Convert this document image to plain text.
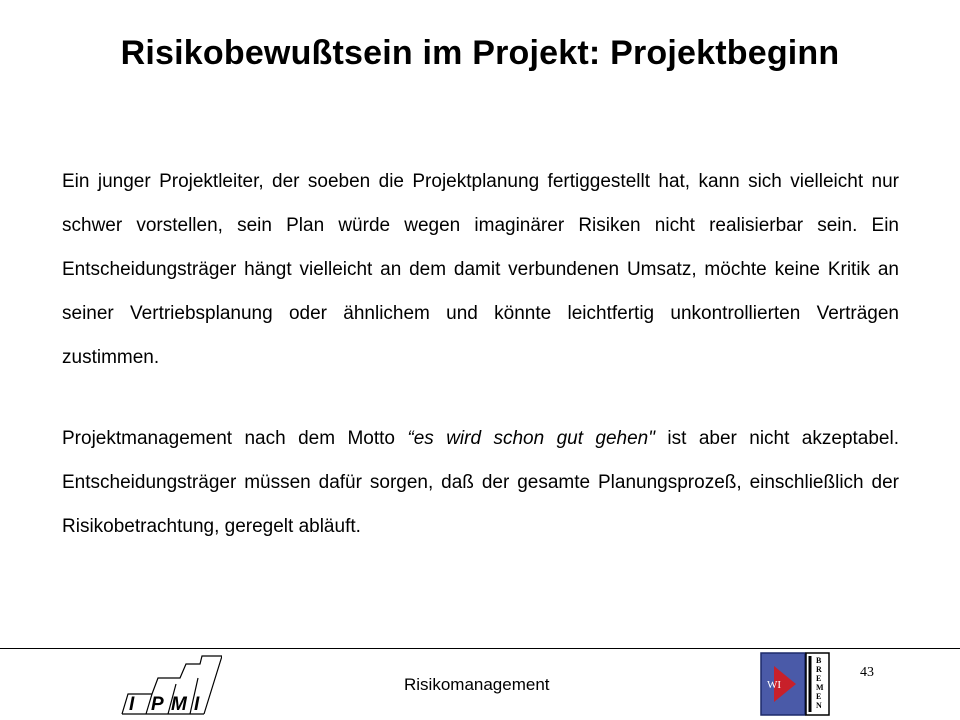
Risikobewußtsein im Projekt: Projektbeginn

Ein junger Projektleiter, der soeben die Projektplanung fertiggestellt hat, kann sich vielleicht nur schwer vorstellen, sein Plan würde wegen imaginärer Risiken nicht realisierbar sein. Ein Entscheidungsträger hängt vielleicht an dem damit verbundenen Umsatz, möchte keine Kritik an seiner Vertriebsplanung oder ähnlichem und könnte leichtfertig unkontrollierten Verträgen zustimmen.

Projektmanagement nach dem Motto “es wird schon gut gehen" ist aber nicht akzeptabel. Entscheidungsträger müssen dafür sorgen, daß der gesamte Planungsprozeß, einschließlich der Risikobetrachtung, geregelt abläuft.

I P M I
Risikomanagement	WI
B
R
E
M
E
N
43
